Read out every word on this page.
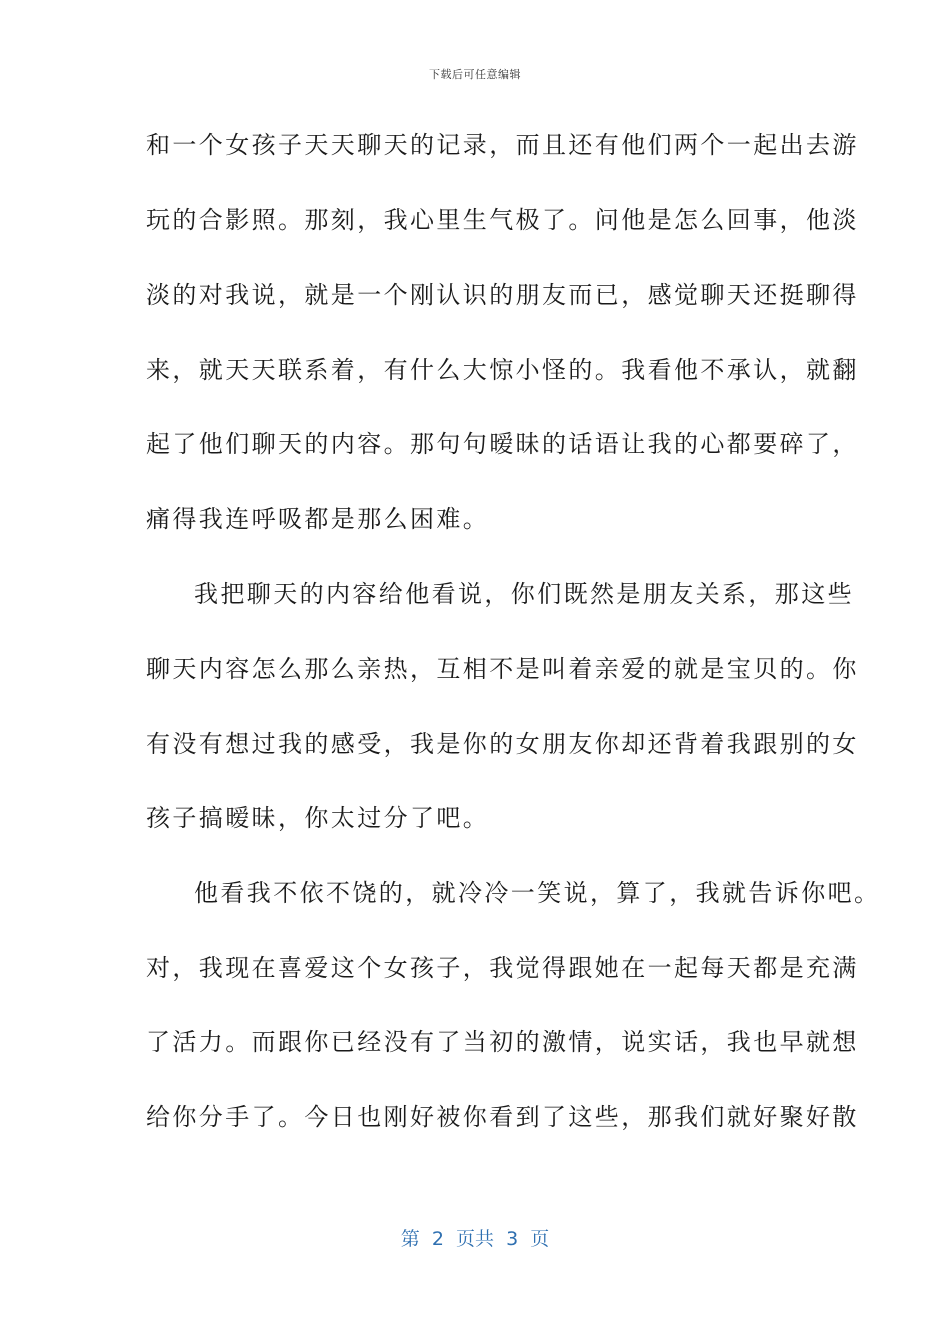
下载后可任意编辑
和一个女孩子天天聊天的记录，而且还有他们两个一起出去游
玩的合影照。那刻，我心里生气极了。问他是怎么回事，他淡
淡的对我说，就是一个刚认识的朋友而已，感觉聊天还挺聊得
来，就天天联系着，有什么大惊小怪的。我看他不承认，就翻
起了他们聊天的内容。那句句暧昧的话语让我的心都要碎了，
痛得我连呼吸都是那么困难。
我把聊天的内容给他看说，你们既然是朋友关系，那这些
聊天内容怎么那么亲热，互相不是叫着亲爱的就是宝贝的。你
有没有想过我的感受，我是你的女朋友你却还背着我跟别的女
孩子搞暧昧，你太过分了吧。
他看我不依不饶的，就冷冷一笑说，算了，我就告诉你吧。
对，我现在喜爱这个女孩子，我觉得跟她在一起每天都是充满
了活力。而跟你已经没有了当初的激情，说实话，我也早就想
给你分手了。今日也刚好被你看到了这些，那我们就好聚好散
第  2  页共  3  页
